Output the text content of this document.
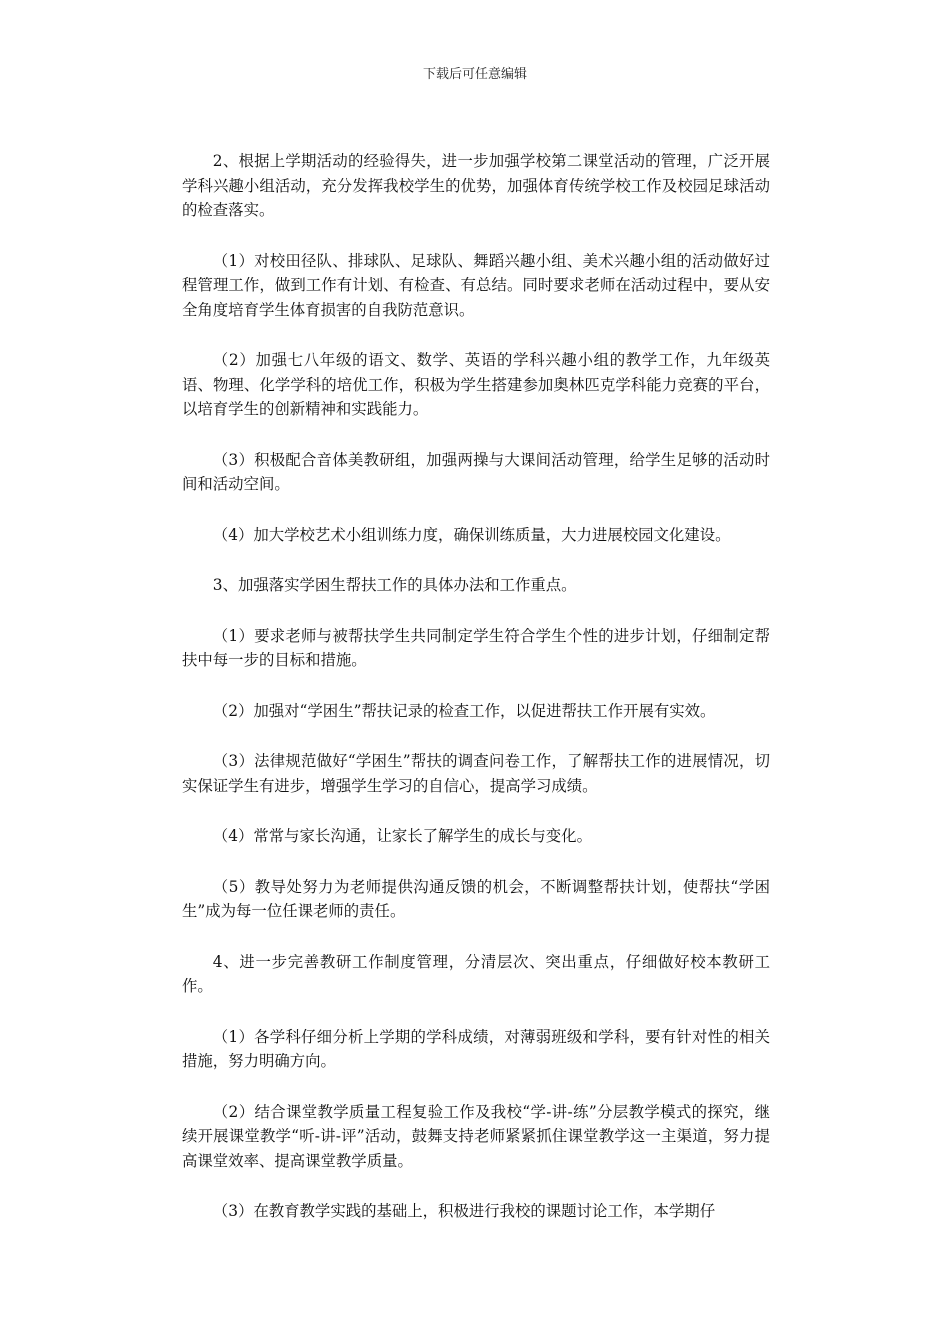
下载后可任意编辑

2、根据上学期活动的经验得失，进一步加强学校第二课堂活动的管理，广泛开展学科兴趣小组活动，充分发挥我校学生的优势，加强体育传统学校工作及校园足球活动的检查落实。

（1）对校田径队、排球队、足球队、舞蹈兴趣小组、美术兴趣小组的活动做好过程管理工作，做到工作有计划、有检查、有总结。同时要求老师在活动过程中，要从安全角度培育学生体育损害的自我防范意识。

（2）加强七八年级的语文、数学、英语的学科兴趣小组的教学工作，九年级英语、物理、化学学科的培优工作，积极为学生搭建参加奥林匹克学科能力竞赛的平台，以培育学生的创新精神和实践能力。

（3）积极配合音体美教研组，加强两操与大课间活动管理，给学生足够的活动时间和活动空间。

（4）加大学校艺术小组训练力度，确保训练质量，大力进展校园文化建设。

3、加强落实学困生帮扶工作的具体办法和工作重点。

（1）要求老师与被帮扶学生共同制定学生符合学生个性的进步计划，仔细制定帮扶中每一步的目标和措施。

（2）加强对“学困生”帮扶记录的检查工作，以促进帮扶工作开展有实效。

（3）法律规范做好“学困生”帮扶的调查问卷工作，了解帮扶工作的进展情况，切实保证学生有进步，增强学生学习的自信心，提高学习成绩。

（4）常常与家长沟通，让家长了解学生的成长与变化。

（5）教导处努力为老师提供沟通反馈的机会，不断调整帮扶计划，使帮扶“学困生”成为每一位任课老师的责任。

4、进一步完善教研工作制度管理，分清层次、突出重点，仔细做好校本教研工作。

（1）各学科仔细分析上学期的学科成绩，对薄弱班级和学科，要有针对性的相关措施，努力明确方向。

（2）结合课堂教学质量工程复验工作及我校“学-讲-练”分层教学模式的探究，继续开展课堂教学“听-讲-评”活动，鼓舞支持老师紧紧抓住课堂教学这一主渠道，努力提高课堂效率、提高课堂教学质量。

（3）在教育教学实践的基础上，积极进行我校的课题讨论工作，本学期仔
